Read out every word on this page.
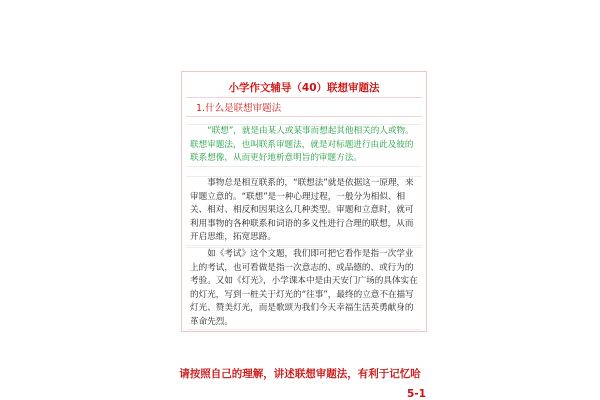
小学作文辅导（40）联想审题法
1.什么是联想审题法

“联想”，就是由某人或某事而想起其他相关的人或物。联想审题法，也叫联系审题法，就是对标题进行由此及彼的联系想像，从而更好地析意明旨的审题方法。

事物总是相互联系的，“联想法”就是依据这一原理，来审题立意的。“联想”是一种心理过程，一般分为相似、相关、相对、相反和因果这么几种类型。审题和立意时，就可利用事物的各种联系和词语的多义性进行合理的联想，从而开启思维，拓宽思路。

如《考试》这个文题，我们即可把它看作是指一次学业上的考试，也可看做是指一次意志的、或品德的、或行为的考验。又如《灯光》，小学课本中是由天安门广场的具体实在的灯光，写到一桩关于灯光的“往事”，最终的立意不在描写灯光、赞美灯光，而是歌颂为我们今天幸福生活英勇献身的革命先烈。

请按照自己的理解，讲述联想审题法，有利于记忆哈
5-1
